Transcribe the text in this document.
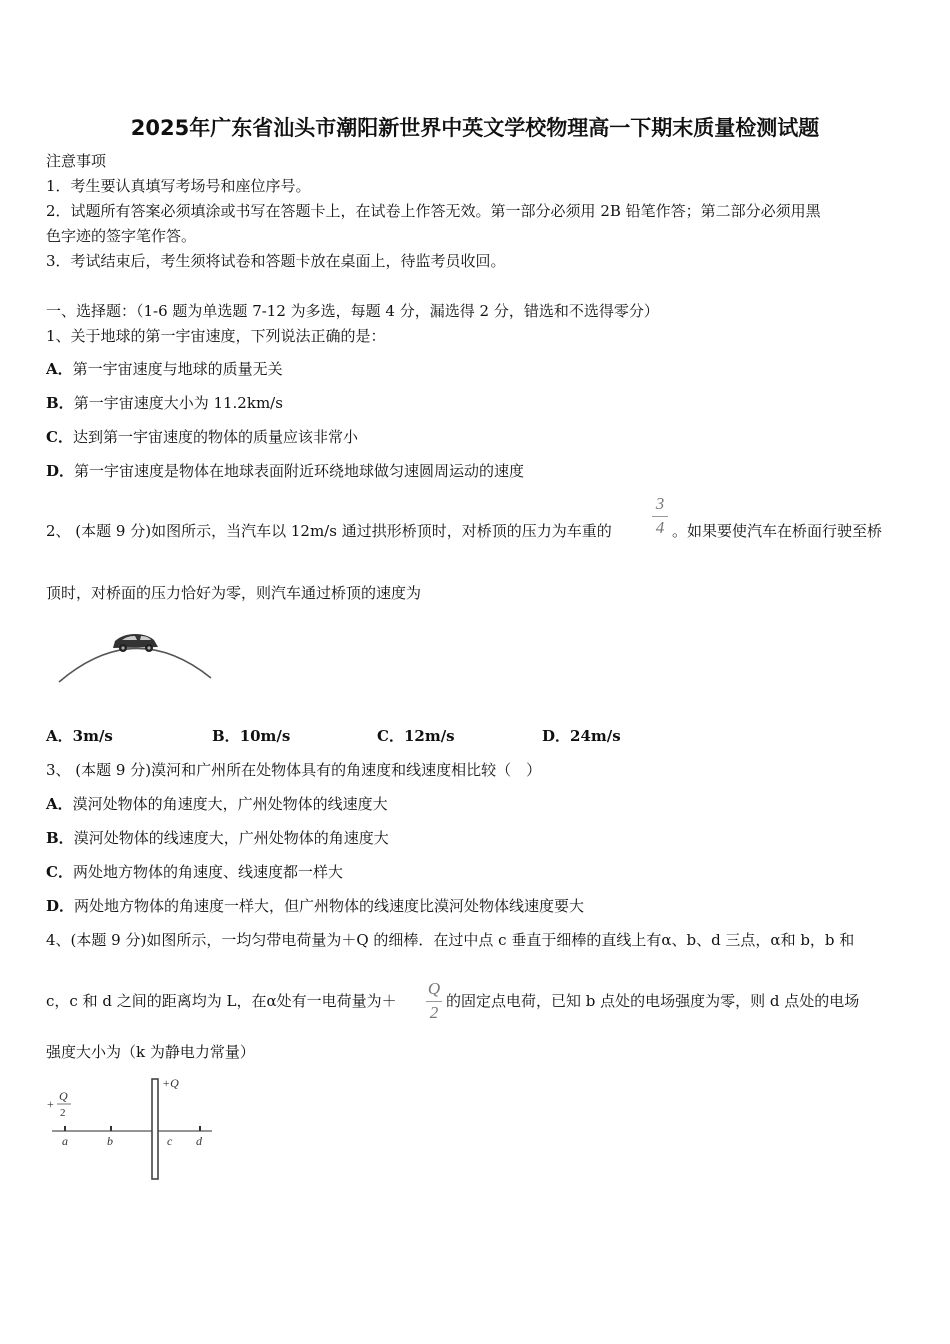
2025年广东省汕头市潮阳新世界中英文学校物理高一下期末质量检测试题
注意事项
1．考生要认真填写考场号和座位序号。
2．试题所有答案必须填涂或书写在答题卡上，在试卷上作答无效。第一部分必须用 2B 铅笔作答；第二部分必须用黑
色字迹的签字笔作答。
3．考试结束后，考生须将试卷和答题卡放在桌面上，待监考员收回。
一、选择题：（1-6 题为单选题 7-12 为多选，每题 4 分，漏选得 2 分，错选和不选得零分）
1、关于地球的第一宇宙速度，下列说法正确的是：
A．第一宇宙速度与地球的质量无关
B．第一宇宙速度大小为 11.2km/s
C．达到第一宇宙速度的物体的质量应该非常小
D．第一宇宙速度是物体在地球表面附近环绕地球做匀速圆周运动的速度
2、 (本题 9 分)如图所示，当汽车以 12m/s 通过拱形桥顶时，对桥顶的压力为车重的
3
4 。如果要使汽车在桥面行驶至桥
顶时，对桥面的压力恰好为零，则汽车通过桥顶的速度为
A．3m/s	B．10m/s	C．12m/s	D．24m/s
3、 (本题 9 分)漠河和广州所在处物体具有的角速度和线速度相比较（　）
A．漠河处物体的角速度大，广州处物体的线速度大
B．漠河处物体的线速度大，广州处物体的角速度大
C．两处地方物体的角速度、线速度都一样大
D．两处地方物体的角速度一样大，但广州物体的线速度比漠河处物体线速度要大
4、(本题 9 分)如图所示，一均匀带电荷量为＋Q 的细棒．在过中点 c 垂直于细棒的直线上有α、b、d 三点，α和 b，b 和
c，c 和 d 之间的距离均为 L，在α处有一电荷量为＋
Q
2
的固定点电荷，已知 b 点处的电场强度为零，则 d 点处的电场
强度大小为（k 为静电力常量）
+Q
+
Q
2
a	b	c d
